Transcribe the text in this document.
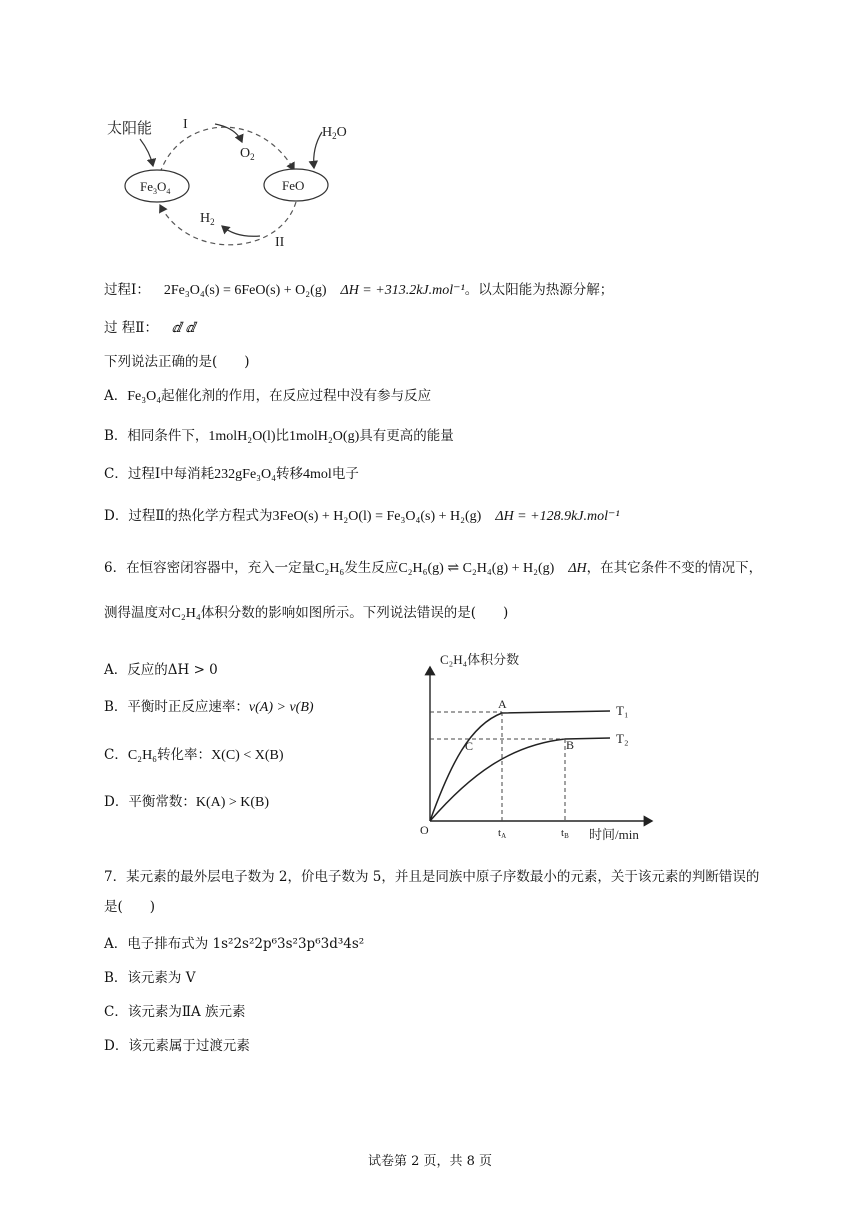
太阳能 I
$O_2$
$H_2O$
$Fe_3O_4$	FeO
$H_2$
II
过程Ⅰ： 2Fe₃O₄(s) = 6FeO(s) + O₂(g) ΔH = +313.2kJ.mol⁻¹。以太阳能为热源分解；
过 程Ⅱ： ⅆ ⅆ
下列说法正确的是(　　)
A．Fe₃O₄起催化剂的作用，在反应过程中没有参与反应
B．相同条件下，1molH₂O(l)比1molH₂O(g)具有更高的能量
C．过程Ⅰ中每消耗232gFe₃O₄转移4mol电子
D．过程Ⅱ的热化学方程式为3FeO(s) + H₂O(l) = Fe₃O₄(s) + H₂(g) ΔH = +128.9kJ.mol⁻¹
6．在恒容密闭容器中，充入一定量C₂H₆发生反应C₂H₆(g) ⇌ C₂H₄(g) + H₂(g) ΔH，在其它条件不变的情况下，测得温度对C₂H₄体积分数的影响如图所示。下列说法错误的是(　　)
A．反应的ΔH > 0
B．平衡时正反应速率：v(A) > v(B)
C．C₂H₆转化率：X(C) < X(B)
D．平衡常数：K(A) > K(B)
C₂H₄体积分数
时间/min
O
A
B
C
T₁
T₂
tA	tB
7．某元素的最外层电子数为 2，价电子数为 5，并且是同族中原子序数最小的元素，关于该元素的判断错误的是(　　)
A．电子排布式为 1s²2s²2p⁶3s²3p⁶3d³4s²
B．该元素为 V
C．该元素为ⅡA 族元素
D．该元素属于过渡元素
试卷第 2 页，共 8 页
